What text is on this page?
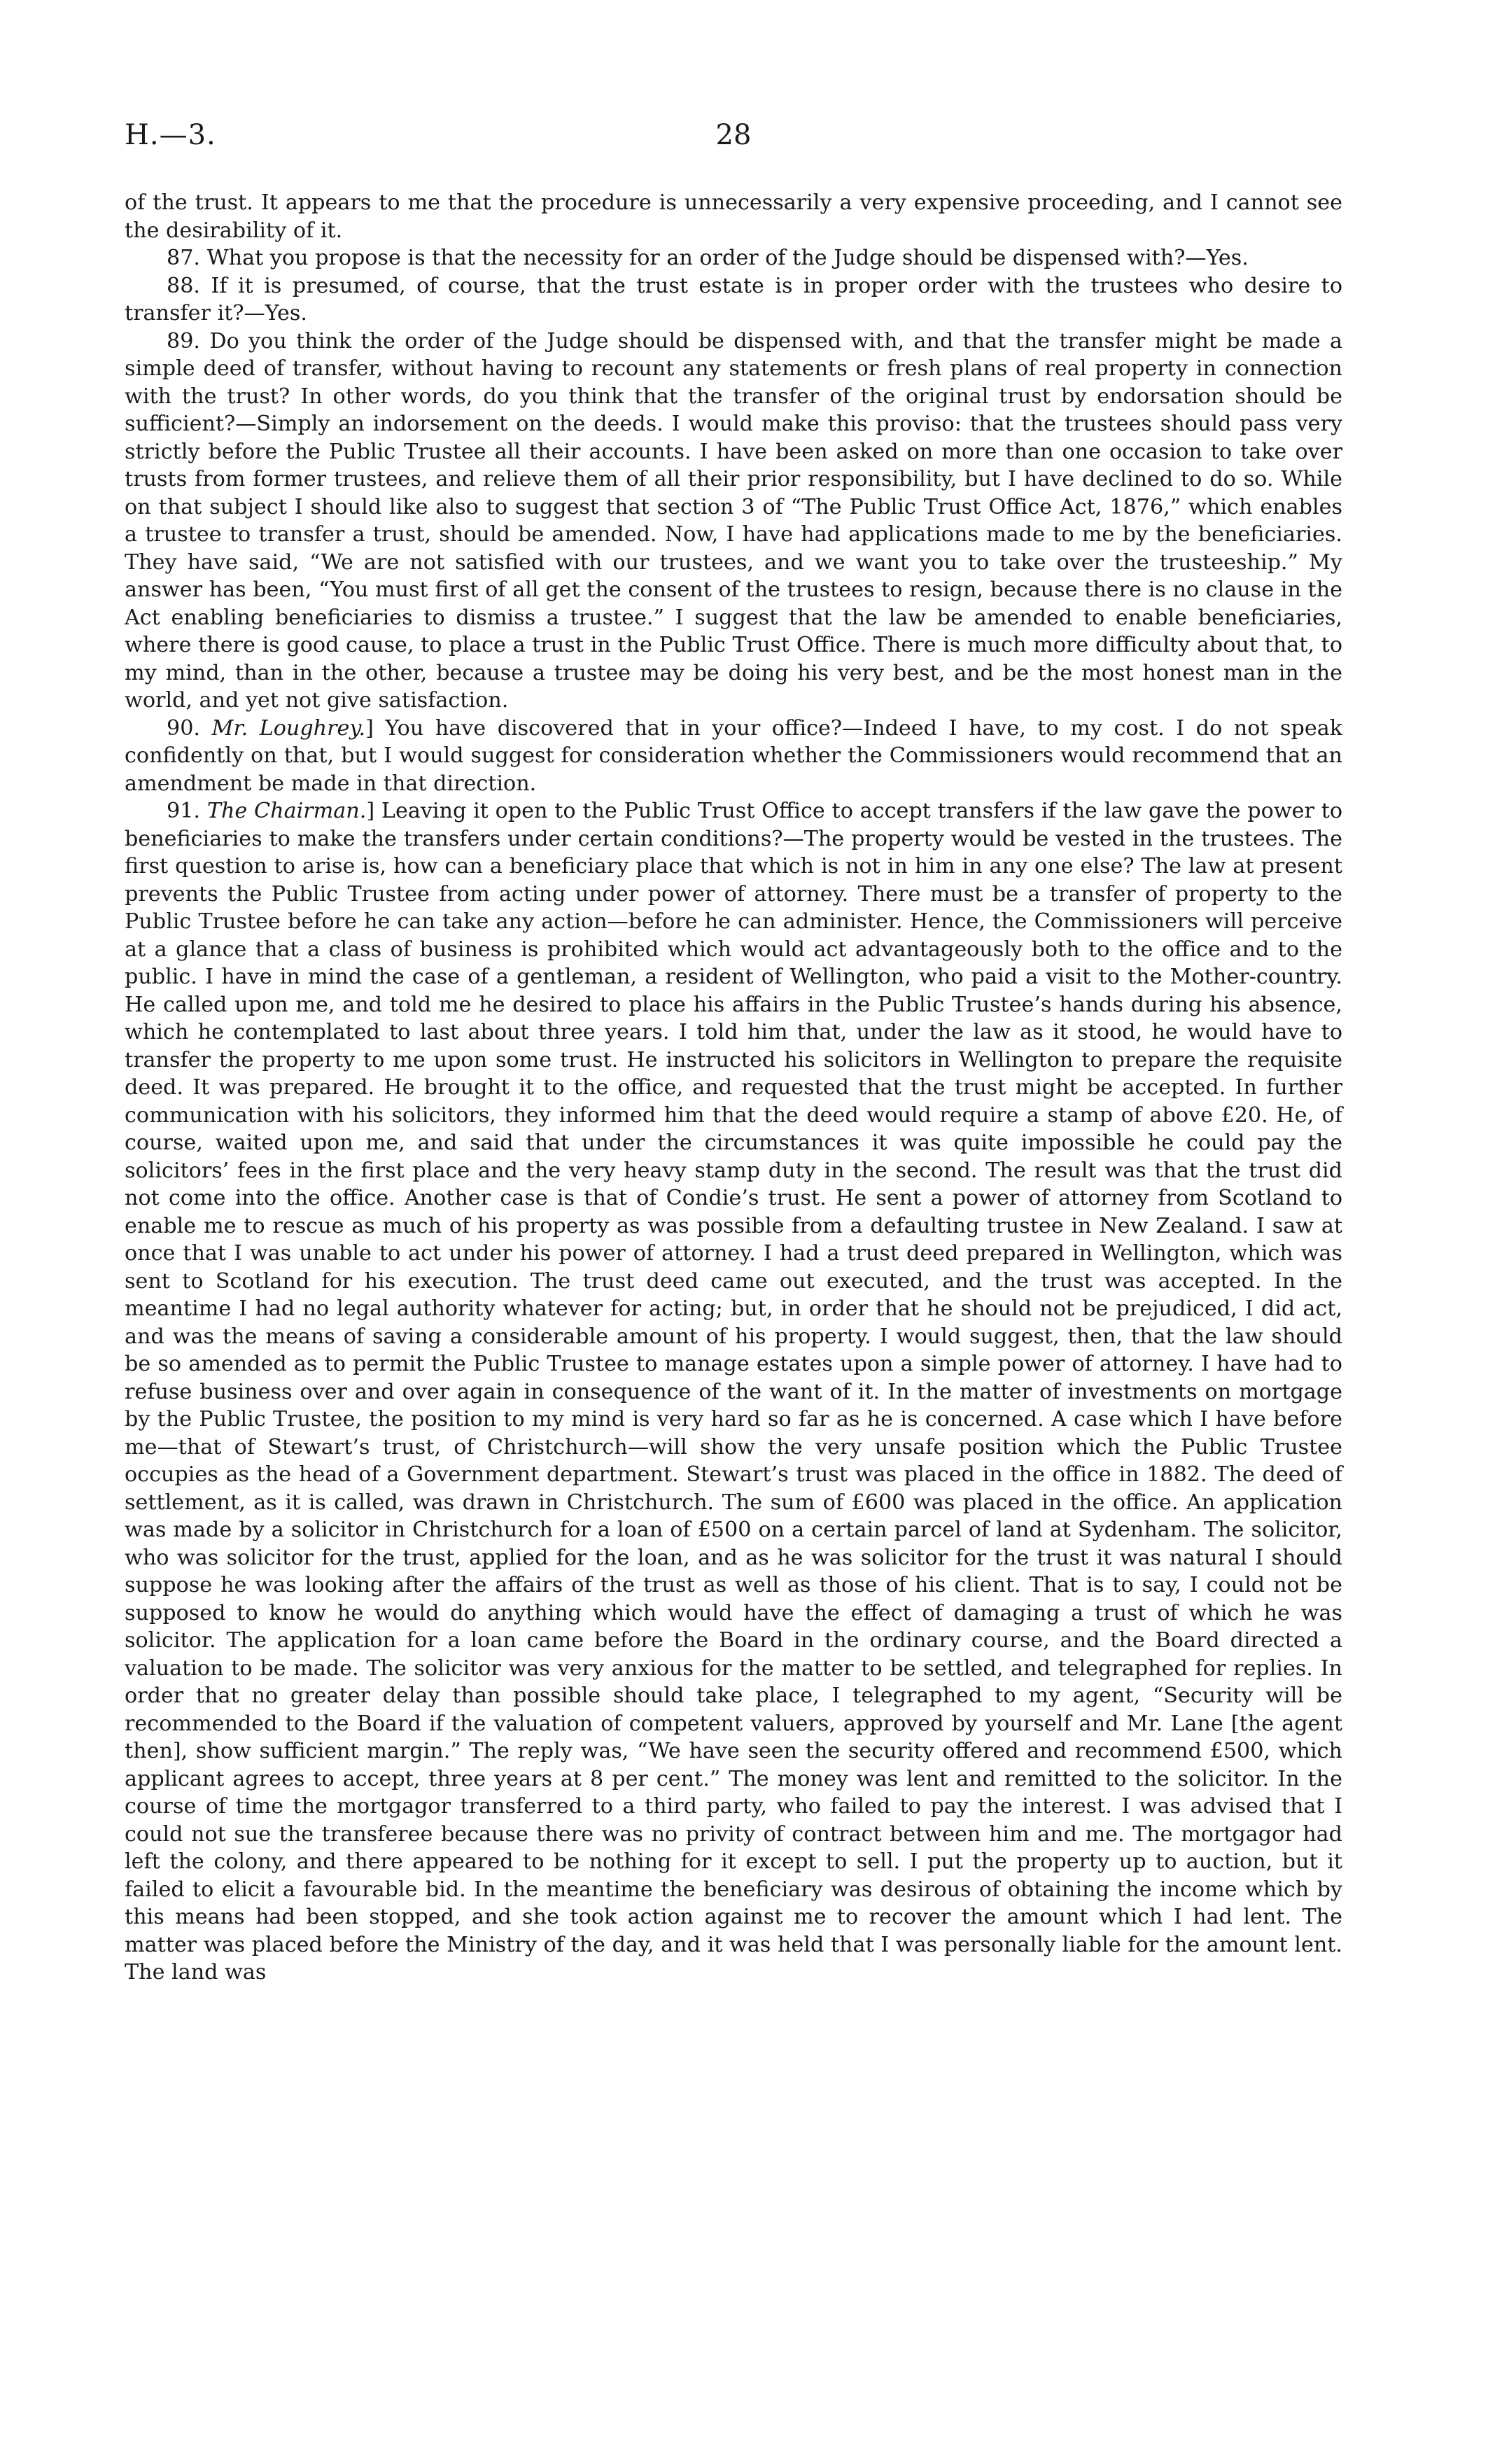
H.—3.	28

of the trust. It appears to me that the procedure is unnecessarily a very expensive proceeding, and I cannot see the desirability of it.

87. What you propose is that the necessity for an order of the Judge should be dispensed with?—Yes.

88. If it is presumed, of course, that the trust estate is in proper order with the trustees who desire to transfer it?—Yes.

89. Do you think the order of the Judge should be dispensed with, and that the transfer might be made a simple deed of transfer, without having to recount any statements or fresh plans of real property in connection with the trust? In other words, do you think that the transfer of the original trust by endorsation should be sufficient?—Simply an indorsement on the deeds. I would make this proviso: that the trustees should pass very strictly before the Public Trustee all their accounts. I have been asked on more than one occasion to take over trusts from former trustees, and relieve them of all their prior responsibility, but I have declined to do so. While on that subject I should like also to suggest that section 3 of “The Public Trust Office Act, 1876,” which enables a trustee to transfer a trust, should be amended. Now, I have had applications made to me by the beneficiaries. They have said, “We are not satisfied with our trustees, and we want you to take over the trusteeship.” My answer has been, “You must first of all get the consent of the trustees to resign, because there is no clause in the Act enabling beneficiaries to dismiss a trustee.” I suggest that the law be amended to enable beneficiaries, where there is good cause, to place a trust in the Public Trust Office. There is much more difficulty about that, to my mind, than in the other, because a trustee may be doing his very best, and be the most honest man in the world, and yet not give satisfaction.

90. Mr. Loughrey.] You have discovered that in your office?—Indeed I have, to my cost. I do not speak confidently on that, but I would suggest for consideration whether the Commissioners would recommend that an amendment be made in that direction.

91. The Chairman.] Leaving it open to the Public Trust Office to accept transfers if the law gave the power to beneficiaries to make the transfers under certain conditions?—The property would be vested in the trustees. The first question to arise is, how can a beneficiary place that which is not in him in any one else? The law at present prevents the Public Trustee from acting under power of attorney. There must be a transfer of property to the Public Trustee before he can take any action—before he can administer. Hence, the Commissioners will perceive at a glance that a class of business is prohibited which would act advantageously both to the office and to the public. I have in mind the case of a gentleman, a resident of Wellington, who paid a visit to the Mother-country. He called upon me, and told me he desired to place his affairs in the Public Trustee’s hands during his absence, which he contemplated to last about three years. I told him that, under the law as it stood, he would have to transfer the property to me upon some trust. He instructed his solicitors in Wellington to prepare the requisite deed. It was prepared. He brought it to the office, and requested that the trust might be accepted. In further communication with his solicitors, they informed him that the deed would require a stamp of above £20. He, of course, waited upon me, and said that under the circumstances it was quite impossible he could pay the solicitors’ fees in the first place and the very heavy stamp duty in the second. The result was that the trust did not come into the office. Another case is that of Condie’s trust. He sent a power of attorney from Scotland to enable me to rescue as much of his property as was possible from a defaulting trustee in New Zealand. I saw at once that I was unable to act under his power of attorney. I had a trust deed prepared in Wellington, which was sent to Scotland for his execution. The trust deed came out executed, and the trust was accepted. In the meantime I had no legal authority whatever for acting; but, in order that he should not be prejudiced, I did act, and was the means of saving a considerable amount of his property. I would suggest, then, that the law should be so amended as to permit the Public Trustee to manage estates upon a simple power of attorney. I have had to refuse business over and over again in consequence of the want of it. In the matter of investments on mortgage by the Public Trustee, the position to my mind is very hard so far as he is concerned. A case which I have before me—that of Stewart’s trust, of Christchurch—will show the very unsafe position which the Public Trustee occupies as the head of a Government department. Stewart’s trust was placed in the office in 1882. The deed of settlement, as it is called, was drawn in Christchurch. The sum of £600 was placed in the office. An application was made by a solicitor in Christchurch for a loan of £500 on a certain parcel of land at Sydenham. The solicitor, who was solicitor for the trust, applied for the loan, and as he was solicitor for the trust it was natural I should suppose he was looking after the affairs of the trust as well as those of his client. That is to say, I could not be supposed to know he would do anything which would have the effect of damaging a trust of which he was solicitor. The application for a loan came before the Board in the ordinary course, and the Board directed a valuation to be made. The solicitor was very anxious for the matter to be settled, and telegraphed for replies. In order that no greater delay than possible should take place, I telegraphed to my agent, “Security will be recommended to the Board if the valuation of competent valuers, approved by yourself and Mr. Lane [the agent then], show sufficient margin.” The reply was, “We have seen the security offered and recommend £500, which applicant agrees to accept, three years at 8 per cent.” The money was lent and remitted to the solicitor. In the course of time the mortgagor transferred to a third party, who failed to pay the interest. I was advised that I could not sue the transferee because there was no privity of contract between him and me. The mortgagor had left the colony, and there appeared to be nothing for it except to sell. I put the property up to auction, but it failed to elicit a favourable bid. In the meantime the beneficiary was desirous of obtaining the income which by this means had been stopped, and she took action against me to recover the amount which I had lent. The matter was placed before the Ministry of the day, and it was held that I was personally liable for the amount lent. The land was
